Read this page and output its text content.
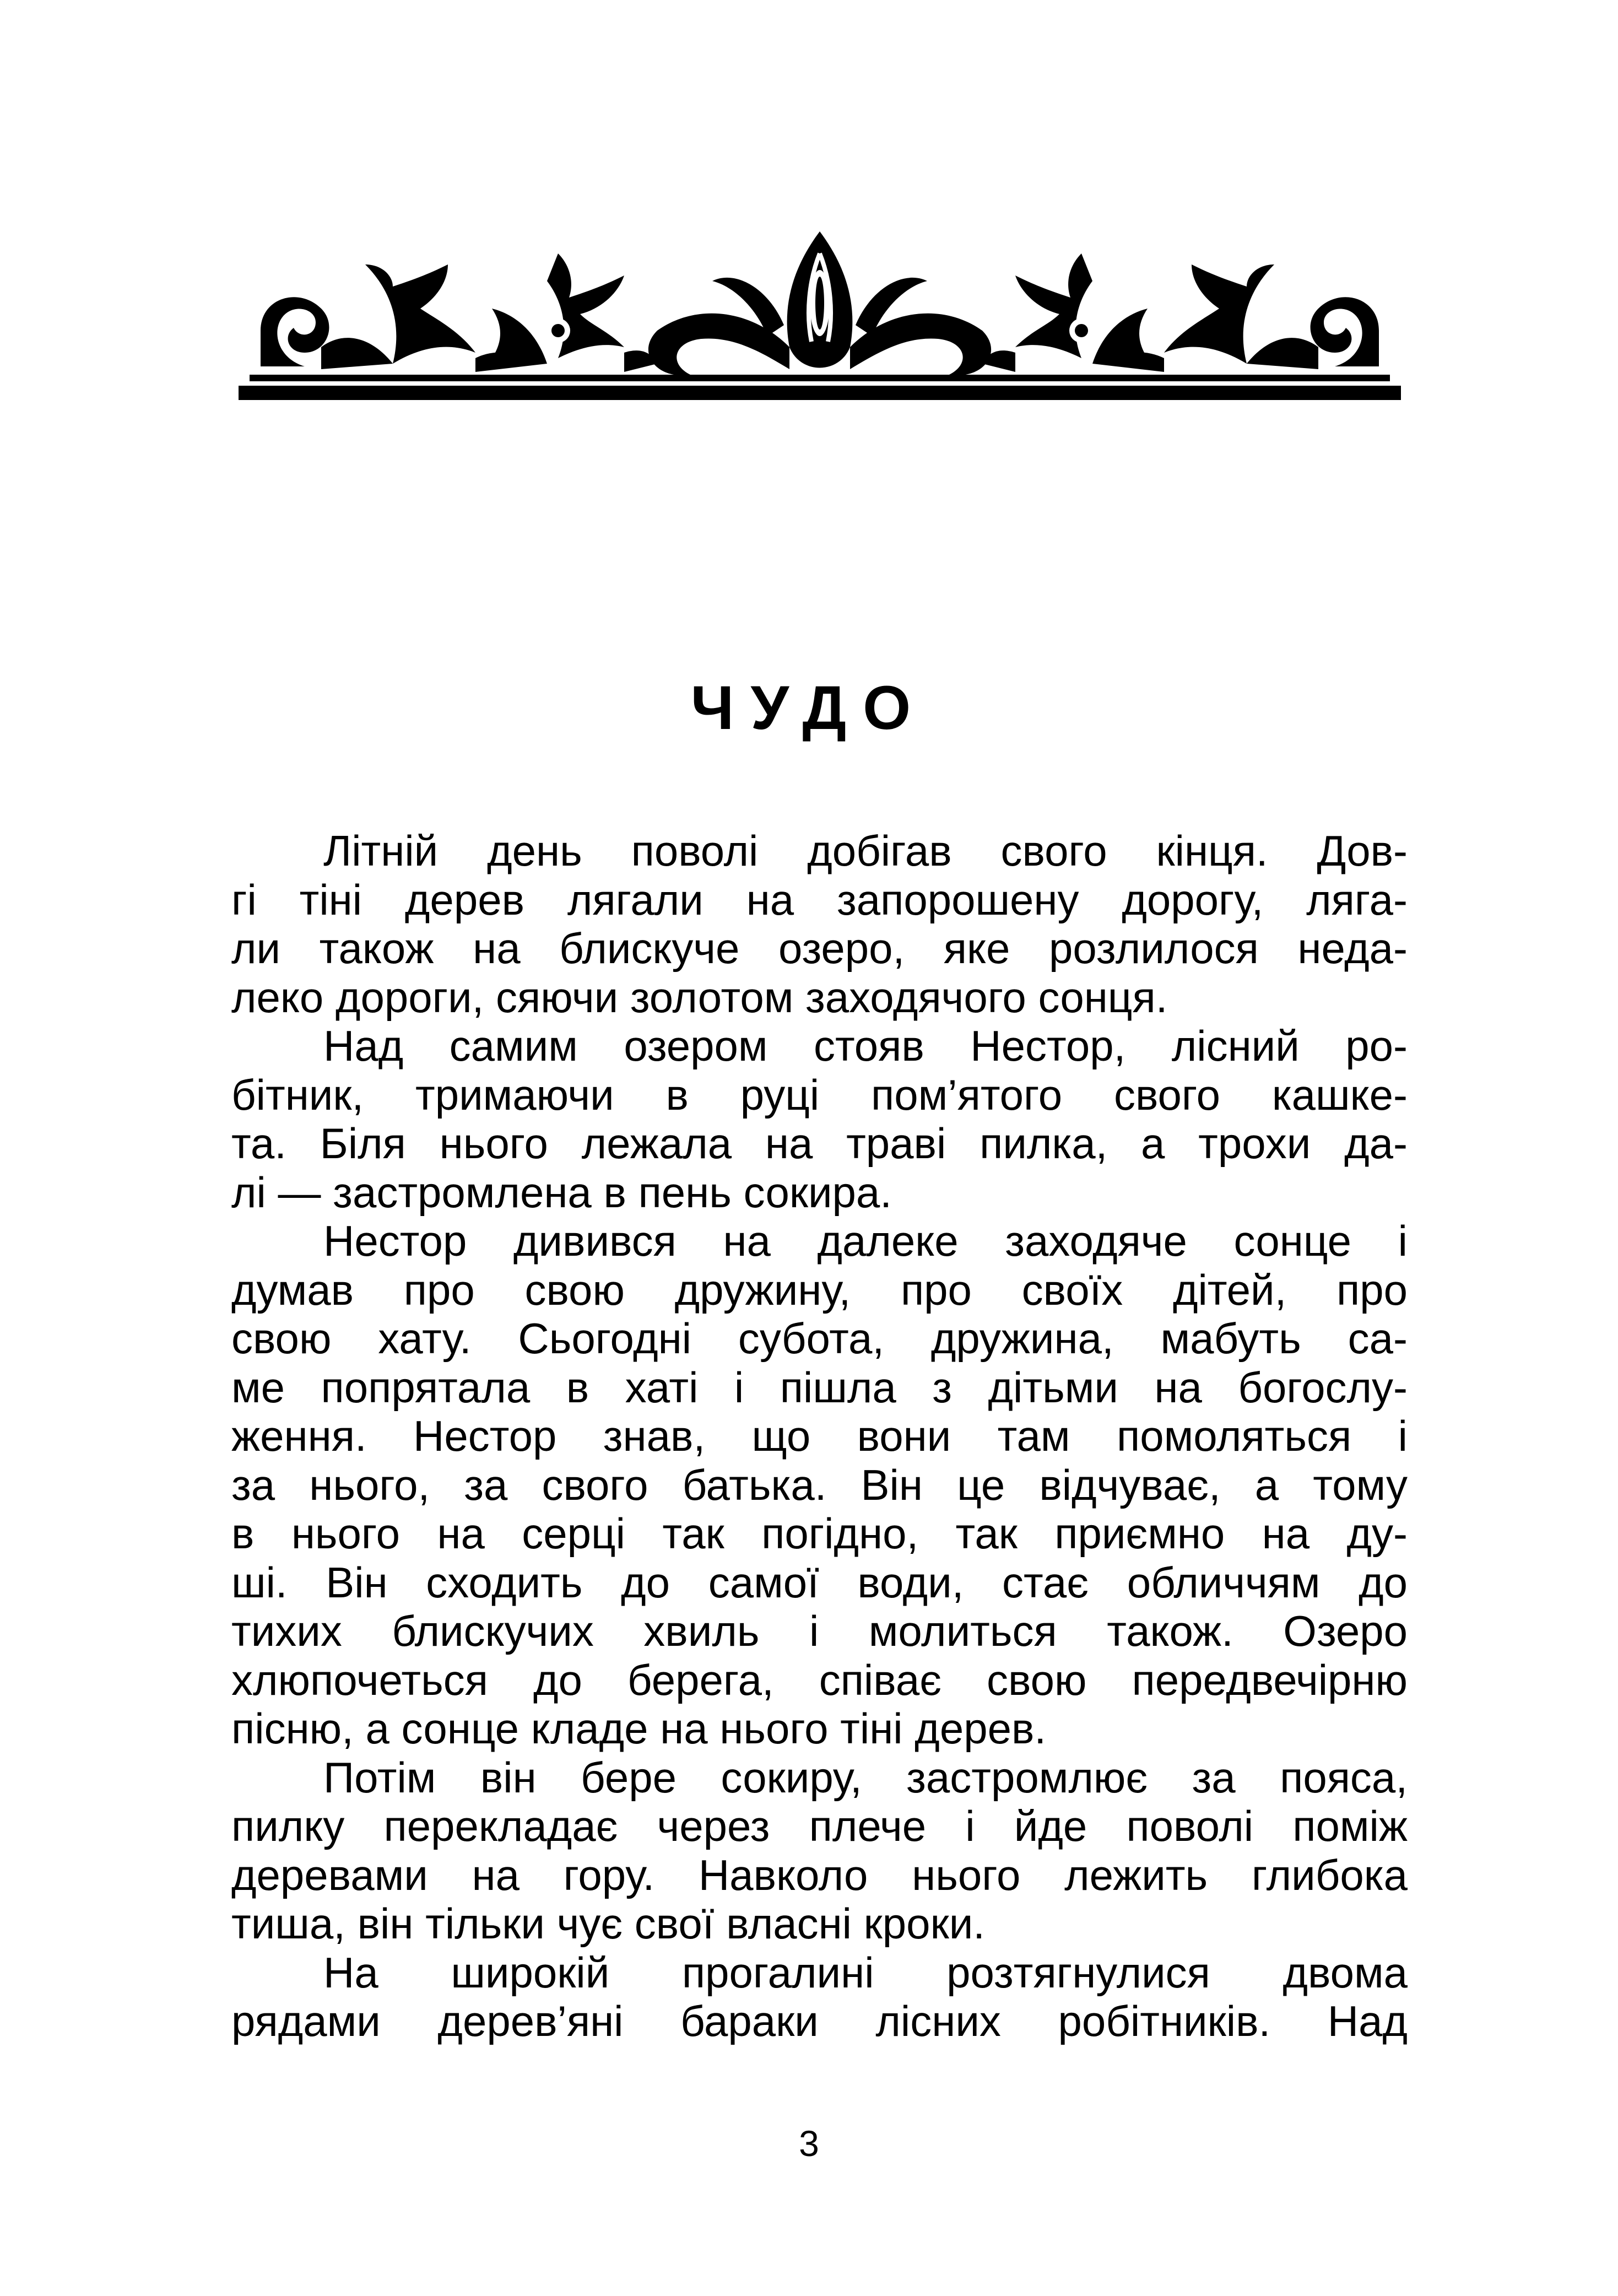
ЧУДО
Літній день поволі добігав свого кінця. Дов-
гі тіні дерев лягали на запорошену дорогу, ляга-
ли також на блискуче озеро, яке розлилося неда-
леко дороги, сяючи золотом заходячого сонця.
Над самим озером стояв Нестор, лісний ро-
бітник, тримаючи в руці пом’ятого свого кашке-
та. Біля нього лежала на траві пилка, а трохи да-
лі — застромлена в пень сокира.
Нестор дивився на далеке заходяче сонце і
думав про свою дружину, про своїх дітей, про
свою хату. Сьогодні субота, дружина, мабуть са-
ме попрятала в хаті і пішла з дітьми на богослу-
ження. Нестор знав, що вони там помоляться і
за нього, за свого батька. Він це відчуває, а тому
в нього на серці так погідно, так приємно на ду-
ші. Він сходить до самої води, стає обличчям до
тихих блискучих хвиль і молиться також. Озеро
хлюпочеться до берега, співає свою передвечірню
пісню, а сонце кладе на нього тіні дерев.
Потім він бере сокиру, застромлює за пояса,
пилку перекладає через плече і йде поволі поміж
деревами на гору. Навколо нього лежить глибока
тиша, він тільки чує свої власні кроки.
На широкій прогалині розтягнулися двома
рядами дерев’яні бараки лісних робітників. Над
3
